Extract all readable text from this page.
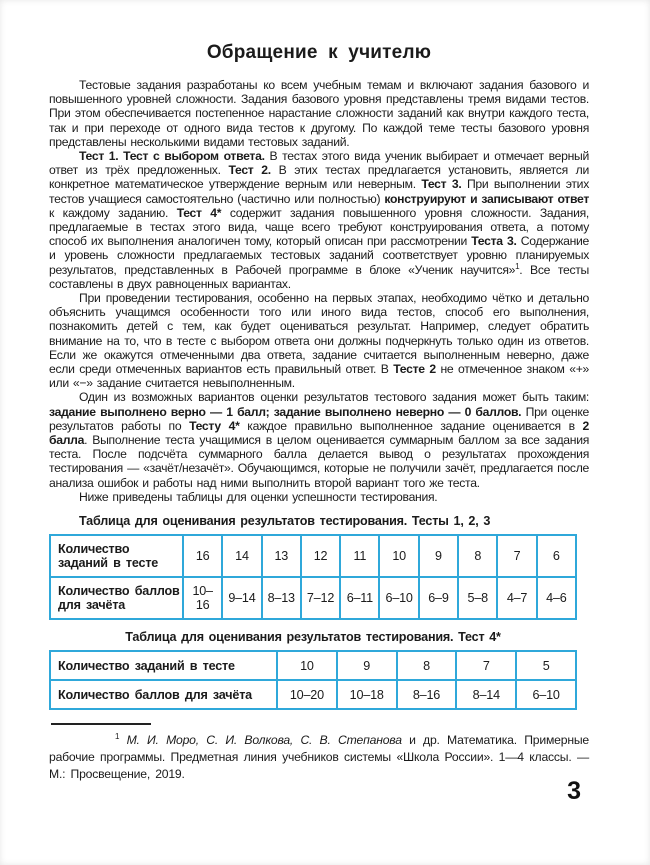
Обращение к учителю

Тестовые задания разработаны ко всем учебным темам и включают задания базового и повышенного уровней сложности. Задания базового уровня представлены тремя видами тестов. При этом обеспечивается постепенное нарастание сложности заданий как внутри каждого теста, так и при переходе от одного вида тестов к другому. По каждой теме тесты базового уровня представлены несколькими видами тестовых заданий.

Тест 1. Тест с выбором ответа. В тестах этого вида ученик выбирает и отмечает верный ответ из трёх предложенных. Тест 2. В этих тестах предлагается установить, является ли конкретное математическое утверждение верным или неверным. Тест 3. При выполнении этих тестов учащиеся самостоятельно (частично или полностью) конструируют и записывают ответ к каждому заданию. Тест 4* содержит задания повышенного уровня сложности. Задания, предлагаемые в тестах этого вида, чаще всего требуют конструирования ответа, а потому способ их выполнения аналогичен тому, который описан при рассмотрении Теста 3. Содержание и уровень сложности предлагаемых тестовых заданий соответствует уровню планируемых результатов, представленных в Рабочей программе в блоке «Ученик научится»$^1$. Все тесты составлены в двух равноценных вариантах.

При проведении тестирования, особенно на первых этапах, необходимо чётко и детально объяснить учащимся особенности того или иного вида тестов, способ его выполнения, познакомить детей с тем, как будет оцениваться результат. Например, следует обратить внимание на то, что в тесте с выбором ответа они должны подчеркнуть только один из ответов. Если же окажутся отмеченными два ответа, задание считается выполненным неверно, даже если среди отмеченных вариантов есть правильный ответ. В Тесте 2 не отмеченное знаком «+» или «−» задание считается невыполненным.

Один из возможных вариантов оценки результатов тестового задания может быть таким: задание выполнено верно — 1 балл; задание выполнено неверно — 0 баллов. При оценке результатов работы по Тесту 4* каждое правильно выполненное задание оценивается в 2 балла. Выполнение теста учащимися в целом оценивается суммарным баллом за все задания теста. После подсчёта суммарного балла делается вывод о результатах прохождения тестирования — «зачёт/незачёт». Обучающимся, которые не получили зачёт, предлагается после анализа ошибок и работы над ними выполнить второй вариант того же теста.

Ниже приведены таблицы для оценки успешности тестирования.

Таблица для оценивания результатов тестирования. Тесты 1, 2, 3

Количество заданий в тесте	16	14	13	12	11	10	9	8	7	6
Количество баллов для зачёта	10–16	9–14	8–13	7–12	6–11	6–10	6–9	5–8	4–7	4–6

Таблица для оценивания результатов тестирования. Тест 4*

Количество заданий в тесте	10	9	8	7	5
Количество баллов для зачёта	10–20	10–18	8–16	8–14	6–10

$^1$ М. И. Моро, С. И. Волкова, С. В. Степанова и др. Математика. Примерные рабочие программы. Предметная линия учебников системы «Школа России». 1—4 классы. — М.: Просвещение, 2019.

3
